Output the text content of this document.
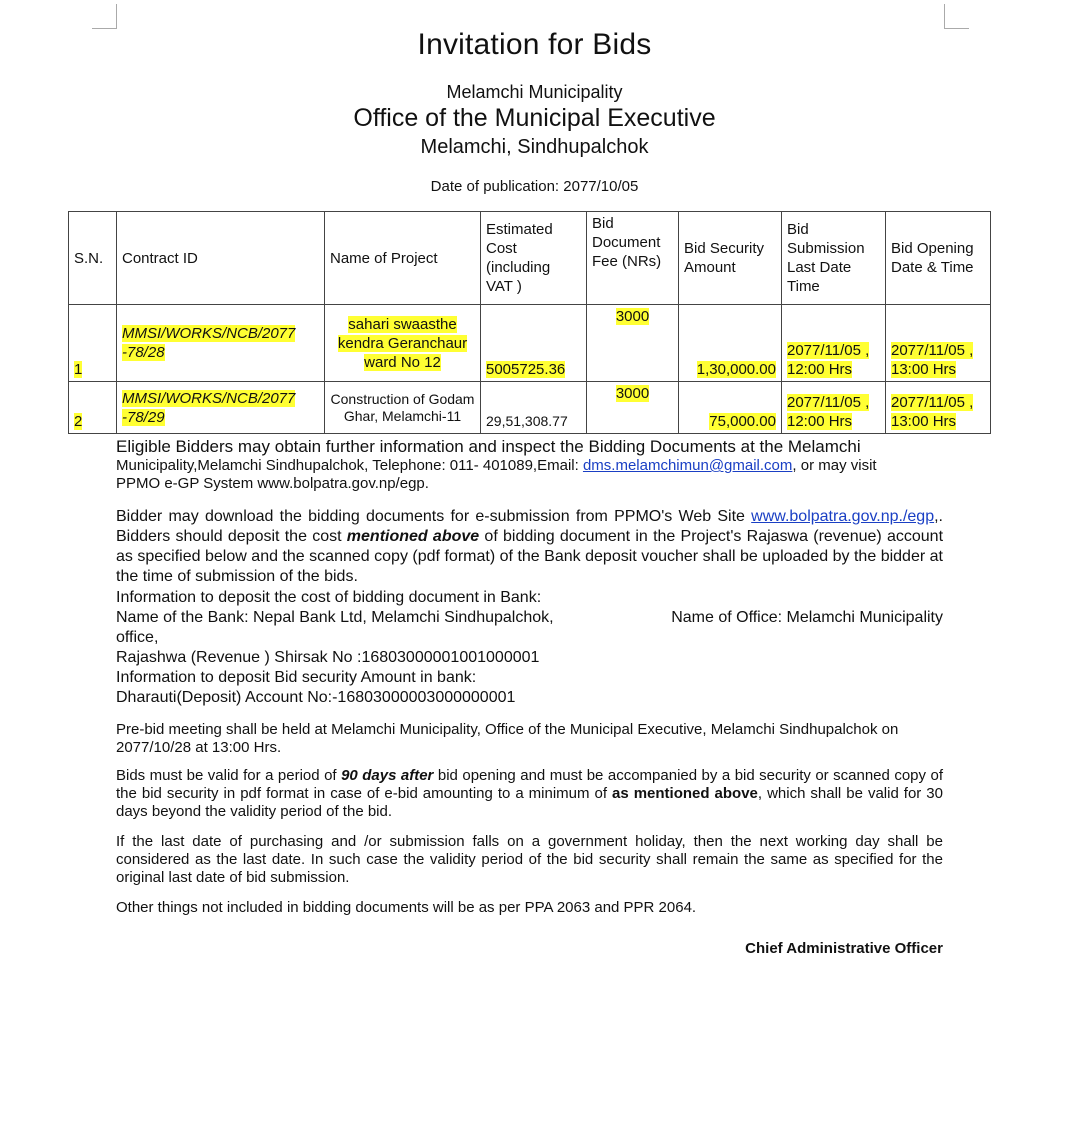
Invitation for Bids
Melamchi Municipality
Office of the Municipal Executive
Melamchi, Sindhupalchok
Date of publication: 2077/10/05
S.N.	Contract ID	Name of Project	Estimated Cost (including VAT )	Bid Document Fee (NRs)	Bid Security Amount	Bid Submission Last Date Time	Bid Opening Date & Time
1	MMSI/WORKS/NCB/2077 -78/28	sahari swaasthe kendra Geranchaur ward No 12	5005725.36	3000	1,30,000.00	2077/11/05 , 12:00 Hrs	2077/11/05 , 13:00 Hrs
2	MMSI/WORKS/NCB/2077 -78/29	Construction of Godam Ghar, Melamchi-11	29,51,308.77	3000	75,000.00	2077/11/05 , 12:00 Hrs	2077/11/05 , 13:00 Hrs
Eligible Bidders may obtain further information and inspect the Bidding Documents at the Melamchi
Municipality,Melamchi Sindhupalchok, Telephone: 011- 401089,Email: dms.melamchimun@gmail.com, or may visit
PPMO e-GP System www.bolpatra.gov.np/egp.
Bidder may download the bidding documents for e-submission from PPMO's Web Site www.bolpatra.gov.np./egp,. Bidders should deposit the cost mentioned above of bidding document in the Project's Rajaswa (revenue) account as specified below and the scanned copy (pdf format) of the Bank deposit voucher shall be uploaded by the bidder at the time of submission of the bids.
Information to deposit the cost of bidding document in Bank:
Name of the Bank: Nepal Bank Ltd, Melamchi Sindhupalchok,	Name of Office: Melamchi Municipality
office,
Rajashwa (Revenue ) Shirsak No :16803000001001000001
Information to deposit Bid security Amount in bank:
Dharauti(Deposit) Account No:-16803000003000000001
Pre-bid meeting shall be held at Melamchi Municipality, Office of the Municipal Executive, Melamchi Sindhupalchok on 2077/10/28 at 13:00 Hrs.
Bids must be valid for a period of 90 days after bid opening and must be accompanied by a bid security or scanned copy of the bid security in pdf format in case of e-bid amounting to a minimum of as mentioned above, which shall be valid for 30 days beyond the validity period of the bid.
If the last date of purchasing and /or submission falls on a government holiday, then the next working day shall be considered as the last date. In such case the validity period of the bid security shall remain the same as specified for the original last date of bid submission.
Other things not included in bidding documents will be as per PPA 2063 and PPR 2064.
Chief Administrative Officer
